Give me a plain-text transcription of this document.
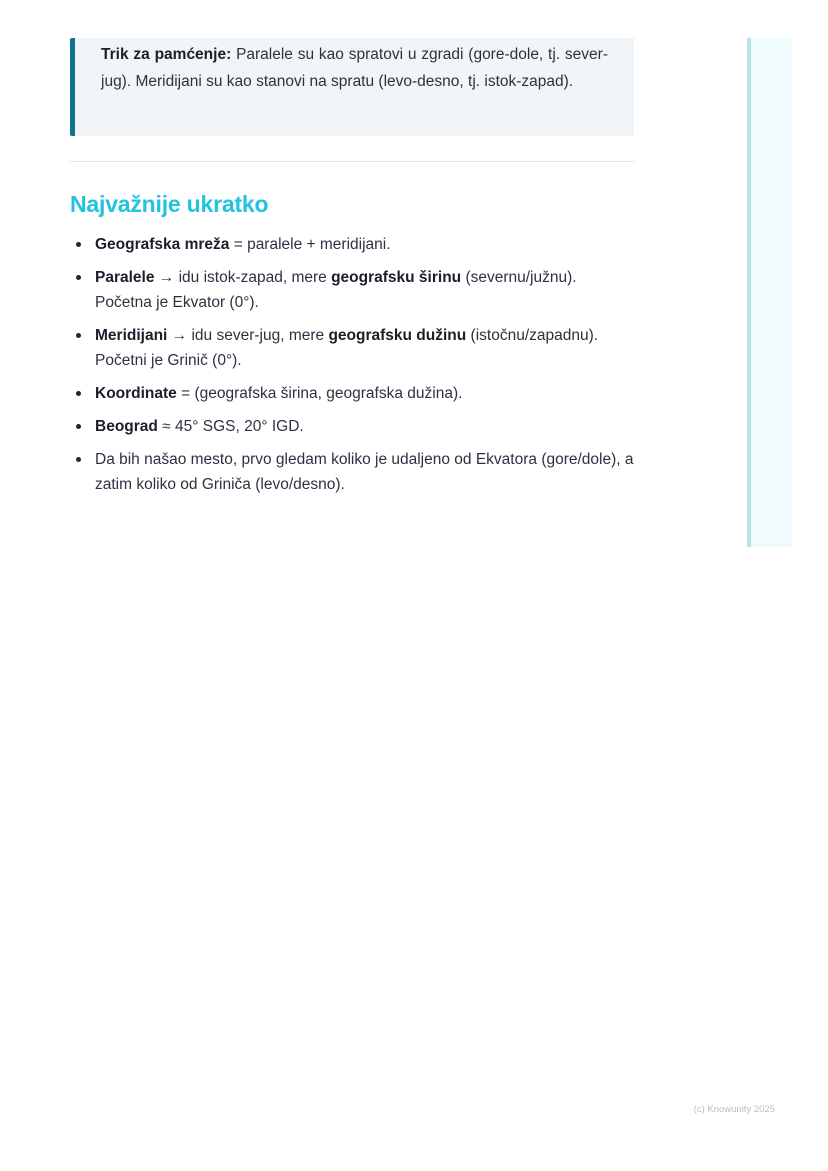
Trik za pamćenje: Paralele su kao spratovi u zgradi (gore-dole, tj. sever-jug). Meridijani su kao stanovi na spratu (levo-desno, tj. istok-zapad).
Najvažnije ukratko
Geografska mreža = paralele + meridijani.
Paralele → idu istok-zapad, mere geografsku širinu (severnu/južnu). Početna je Ekvator (0°).
Meridijani → idu sever-jug, mere geografsku dužinu (istočnu/zapadnu). Početni je Grinič (0°).
Koordinate = (geografska širina, geografska dužina).
Beograd ≈ 45° SGS, 20° IGD.
Da bih našao mesto, prvo gledam koliko je udaljeno od Ekvatora (gore/dole), a zatim koliko od Griniča (levo/desno).
(c) Knowunity 2025
